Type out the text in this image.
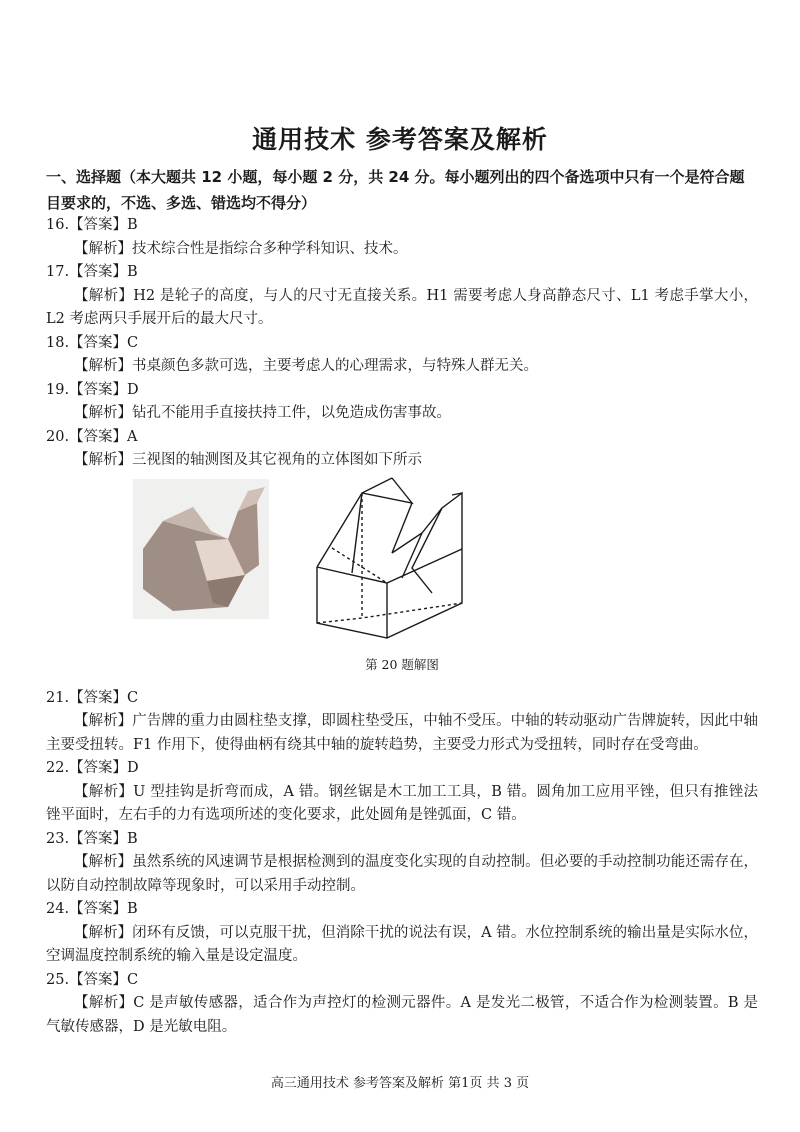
通用技术 参考答案及解析
一、选择题（本大题共 12 小题，每小题 2 分，共 24 分。每小题列出的四个备选项中只有一个是符合题目要求的，不选、多选、错选均不得分）
16.【答案】B
【解析】技术综合性是指综合多种学科知识、技术。
17.【答案】B
【解析】H2 是轮子的高度，与人的尺寸无直接关系。H1 需要考虑人身高静态尺寸、L1 考虑手掌大小，L2 考虑两只手展开后的最大尺寸。
18.【答案】C
【解析】书桌颜色多款可选，主要考虑人的心理需求，与特殊人群无关。
19.【答案】D
【解析】钻孔不能用手直接扶持工件，以免造成伤害事故。
20.【答案】A
【解析】三视图的轴测图及其它视角的立体图如下所示
第 20 题解图
21.【答案】C
【解析】广告牌的重力由圆柱垫支撑，即圆柱垫受压，中轴不受压。中轴的转动驱动广告牌旋转，因此中轴主要受扭转。F1 作用下，使得曲柄有绕其中轴的旋转趋势，主要受力形式为受扭转，同时存在受弯曲。
22.【答案】D
【解析】U 型挂钩是折弯而成，A 错。钢丝锯是木工加工工具，B 错。圆角加工应用平锉，但只有推锉法锉平面时，左右手的力有选项所述的变化要求，此处圆角是锉弧面，C 错。
23.【答案】B
【解析】虽然系统的风速调节是根据检测到的温度变化实现的自动控制。但必要的手动控制功能还需存在，以防自动控制故障等现象时，可以采用手动控制。
24.【答案】B
【解析】闭环有反馈，可以克服干扰，但消除干扰的说法有误，A 错。水位控制系统的输出量是实际水位，空调温度控制系统的输入量是设定温度。
25.【答案】C
【解析】C 是声敏传感器，适合作为声控灯的检测元器件。A 是发光二极管，不适合作为检测装置。B 是气敏传感器，D 是光敏电阻。
高三通用技术 参考答案及解析 第1页 共 3 页
